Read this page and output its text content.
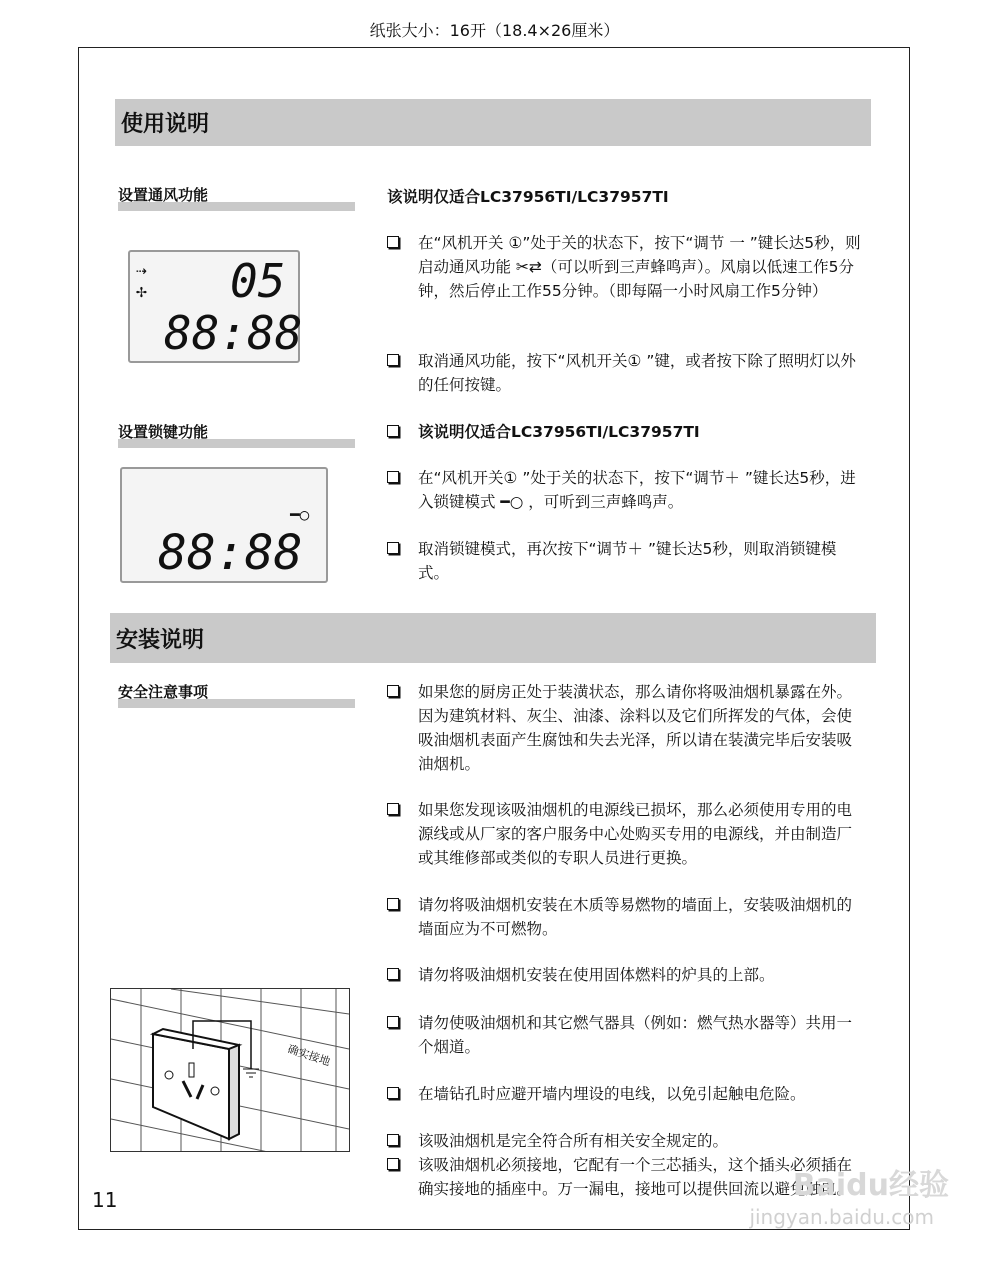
纸张大小：16开（18.4×26厘米）
使用说明
设置通风功能
⇢
✢ 05
88:88
该说明仅适合LC37956TI/LC37957TI
在“风机开关 ①”处于关的状态下，按下“调节 一 ”键长达5秒，则启动通风功能 ✂⇄（可以听到三声蜂鸣声）。风扇以低速工作5分钟，然后停止工作55分钟。（即每隔一小时风扇工作5分钟）
取消通风功能，按下“风机开关① ”键，或者按下除了照明灯以外的任何按键。
设置锁键功能
━○
88:88
该说明仅适合LC37956TI/LC37957TI
在“风机开关① ”处于关的状态下，按下“调节＋ ”键长达5秒，进入锁键模式 ━○ ，可听到三声蜂鸣声。
取消锁键模式，再次按下“调节＋ ”键长达5秒，则取消锁键模式。
安装说明
安全注意事项	如果您的厨房正处于装潢状态，那么请你将吸油烟机暴露在外。因为建筑材料、灰尘、油漆、涂料以及它们所挥发的气体，会使吸油烟机表面产生腐蚀和失去光泽，所以请在装潢完毕后安装吸油烟机。
如果您发现该吸油烟机的电源线已损坏，那么必须使用专用的电源线或从厂家的客户服务中心处购买专用的电源线，并由制造厂或其维修部或类似的专职人员进行更换。
请勿将吸油烟机安装在木质等易燃物的墙面上，安装吸油烟机的墙面应为不可燃物。
请勿将吸油烟机安装在使用固体燃料的炉具的上部。
请勿使吸油烟机和其它燃气器具（例如：燃气热水器等）共用一个烟道。
在墙钻孔时应避开墙内埋设的电线，以免引起触电危险。
该吸油烟机是完全符合所有相关安全规定的。
该吸油烟机必须接地，它配有一个三芯插头，这个插头必须插在确实接地的插座中。万一漏电，接地可以提供回流以避免触电。
确实接地
11	Baidu经验
jingyan.baidu.com
